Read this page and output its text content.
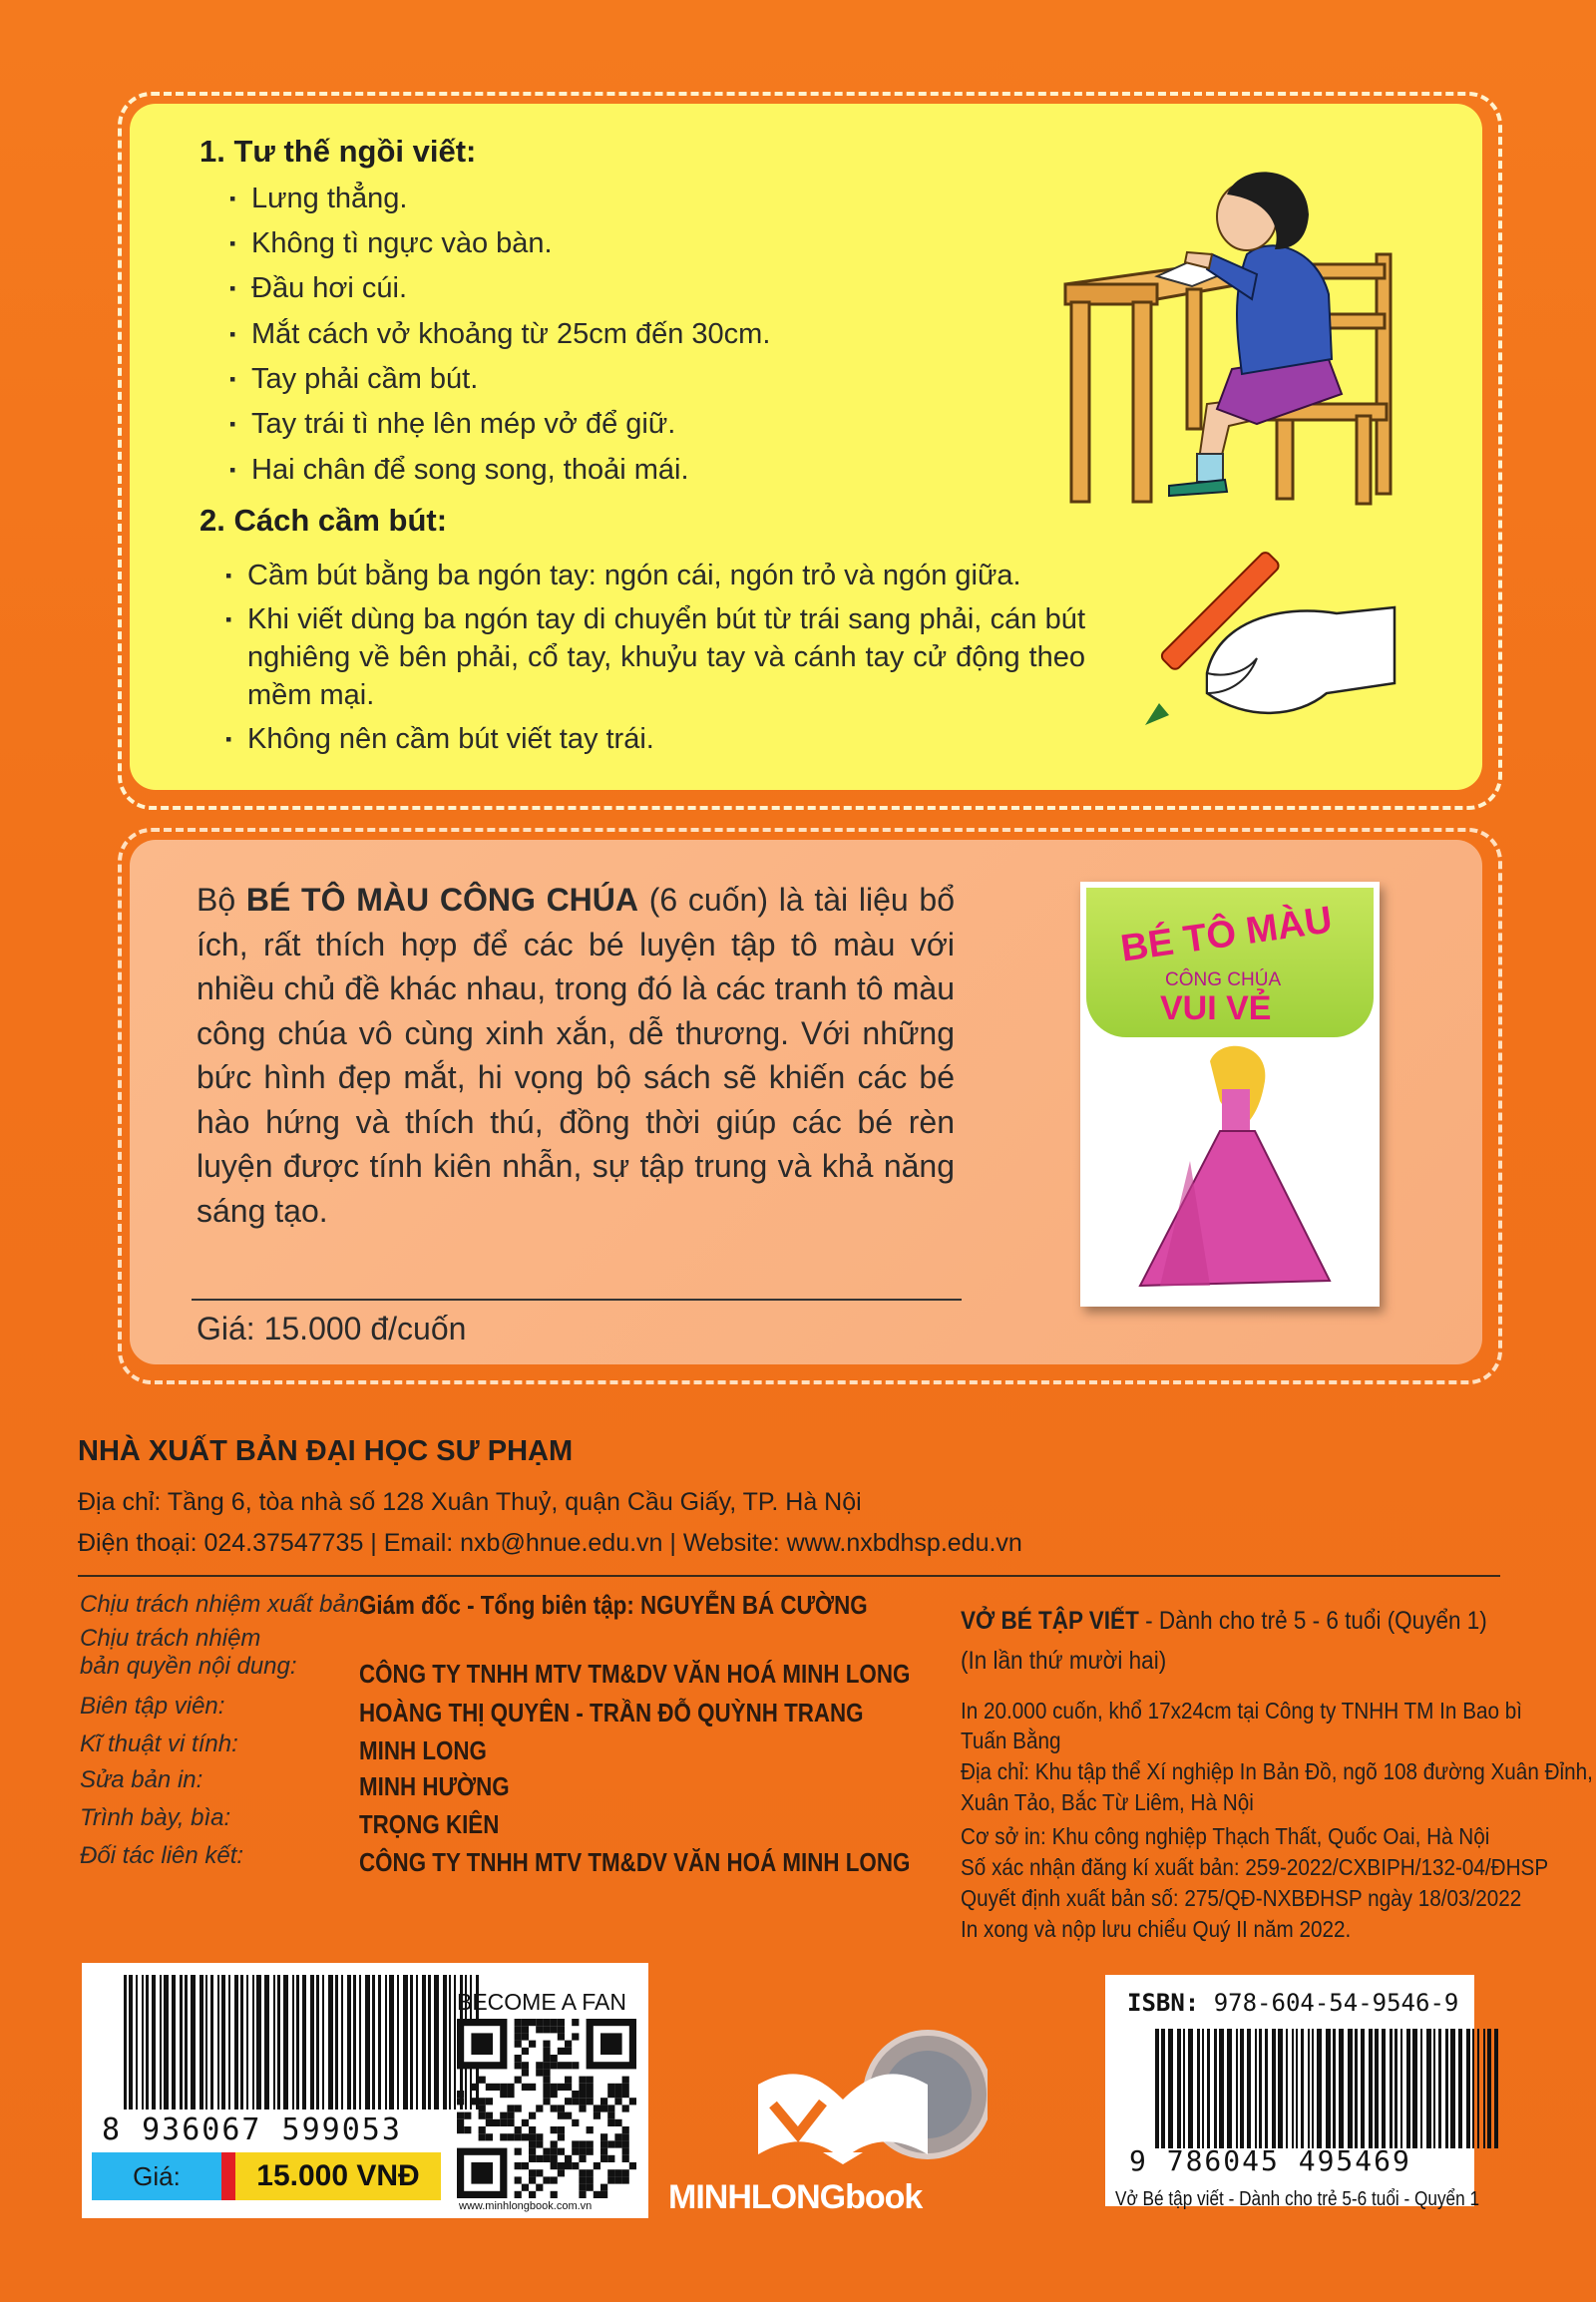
1. Tư thế ngồi viết:
▪ Lưng thẳng.
▪ Không tì ngực vào bàn.
▪ Đầu hơi cúi.
▪ Mắt cách vở khoảng từ 25cm đến 30cm.
▪ Tay phải cầm bút.
▪ Tay trái tì nhẹ lên mép vở để giữ.
▪ Hai chân để song song, thoải mái.
2. Cách cầm bút:
▪ Cầm bút bằng ba ngón tay: ngón cái, ngón trỏ và ngón giữa.
▪ Khi viết dùng ba ngón tay di chuyển bút từ trái sang phải, cán bút nghiêng về bên phải, cổ tay, khuỷu tay và cánh tay cử động theo mềm mại.
▪ Không nên cầm bút viết tay trái.
Bộ BÉ TÔ MÀU CÔNG CHÚA (6 cuốn) là tài liệu bổ ích, rất thích hợp để các bé luyện tập tô màu với nhiều chủ đề khác nhau, trong đó là các tranh tô màu công chúa vô cùng xinh xắn, dễ thương. Với những bức hình đẹp mắt, hi vọng bộ sách sẽ khiến các bé hào hứng và thích thú, đồng thời giúp các bé rèn luyện được tính kiên nhẫn, sự tập trung và khả năng sáng tạo.
Giá: 15.000 đ/cuốn
BÉ TÔ MÀU
CÔNG CHÚA
VUI VẺ
NHÀ XUẤT BẢN ĐẠI HỌC SƯ PHẠM
Địa chỉ: Tầng 6, tòa nhà số 128 Xuân Thuỷ, quận Cầu Giấy, TP. Hà Nội
Điện thoại: 024.37547735 | Email: nxb@hnue.edu.vn | Website: www.nxbdhsp.edu.vn
Chịu trách nhiệm xuất bản:
Giám đốc - Tổng biên tập: NGUYỄN BÁ CƯỜNG
Chịu trách nhiệm
bản quyền nội dung: CÔNG TY TNHH MTV TM&DV VĂN HOÁ MINH LONG
Biên tập viên:	HOÀNG THỊ QUYÊN - TRẦN ĐỖ QUỲNH TRANG
Kĩ thuật vi tính:	MINH LONG
Sửa bản in:	MINH HƯỜNG
Trình bày, bìa:	TRỌNG KIÊN
Đối tác liên kết:	CÔNG TY TNHH MTV TM&DV VĂN HOÁ MINH LONG
VỞ BÉ TẬP VIẾT - Dành cho trẻ 5 - 6 tuổi (Quyển 1)
(In lần thứ mười hai)
In 20.000 cuốn, khổ 17x24cm tại Công ty TNHH TM In Bao bì
Tuấn Bằng
Địa chỉ: Khu tập thể Xí nghiệp In Bản Đồ, ngõ 108 đường Xuân Đỉnh,
Xuân Tảo, Bắc Từ Liêm, Hà Nội
Cơ sở in: Khu công nghiệp Thạch Thất, Quốc Oai, Hà Nội
Số xác nhận đăng kí xuất bản: 259-2022/CXBIPH/132-04/ĐHSP
Quyết định xuất bản số: 275/QĐ-NXBĐHSP ngày 18/03/2022
In xong và nộp lưu chiểu Quý II năm 2022.
8 936067 599053
BECOME A FAN
www.minhlongbook.com.vn
Giá:	15.000 VNĐ
MINHLONGbook
ISBN: 978-604-54-9546-9
9 786045 495469
Vở Bé tập viết - Dành cho trẻ 5-6 tuổi - Quyển 1
